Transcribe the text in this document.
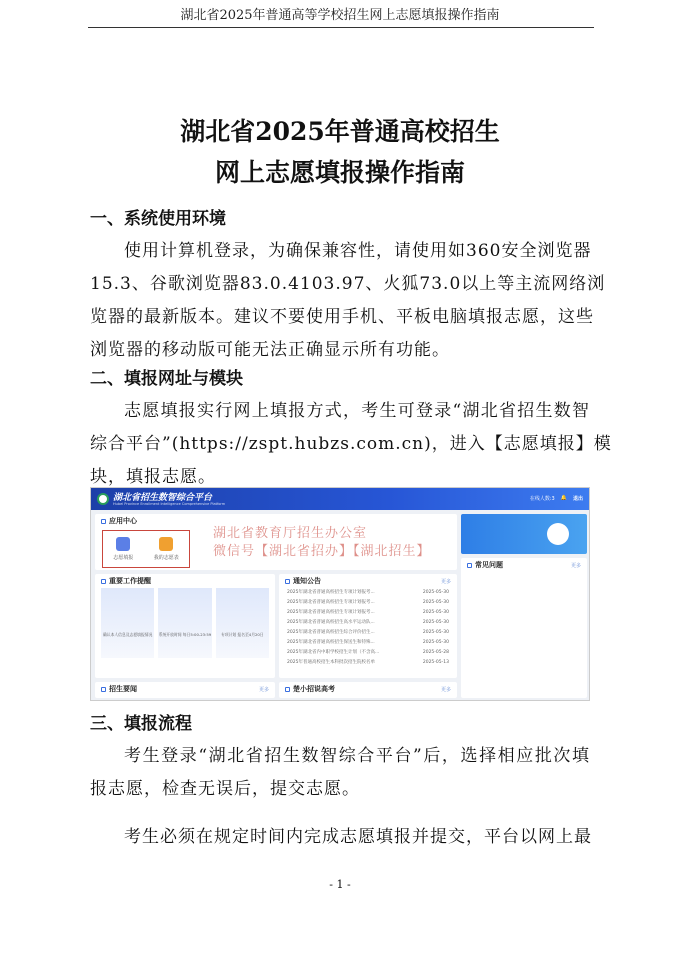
湖北省2025年普通高等学校招生网上志愿填报操作指南
湖北省2025年普通高校招生
网上志愿填报操作指南
一、系统使用环境
使用计算机登录，为确保兼容性，请使用如360安全浏览器
15.3、谷歌浏览器83.0.4103.97、火狐73.0以上等主流网络浏
览器的最新版本。建议不要使用手机、平板电脑填报志愿，这些
浏览器的移动版可能无法正确显示所有功能。
二、填报网址与模块
志愿填报实行网上填报方式，考生可登录“湖北省招生数智
综合平台”(https://zspt.hubzs.com.cn)，进入【志愿填报】模
块，填报志愿。
湖北省招生数智综合平台
Hubei Province Enrollment Intelligence Comprehensive Platform
在线人数:3 🔔 退出
应用中心
志愿填报	我的志愿表
湖北省教育厅招生办公室
微信号【湖北省招办】【湖北招生】
重要工作提醒
确认本人信息及志愿填报情况	系统开放时间 每日5:00-23:59	专项计划 报名至4月20日
通知公告	更多
2025年湖北省普通高校招生专项计划报考...	2025-05-30
2025年湖北省普通高校招生专项计划报考...	2025-05-30
2025年湖北省普通高校招生专项计划报考...	2025-05-30
2025年湖北省普通高校招生高水平运动队...	2025-05-30
2025年湖北省普通高校招生综合评价招生...	2025-05-30
2025年湖北省普通高校招生保送生和特殊...	2025-05-30
2025年湖北省内中职学校招生计划（不含高...	2025-05-28
2025年普通高校招生本科批次招生院校名单	2025-05-13
常见问题	更多
招生要闻	更多	楚小招说高考	更多
三、填报流程
考生登录“湖北省招生数智综合平台”后，选择相应批次填
报志愿，检查无误后，提交志愿。
考生必须在规定时间内完成志愿填报并提交，平台以网上最
- 1 -
